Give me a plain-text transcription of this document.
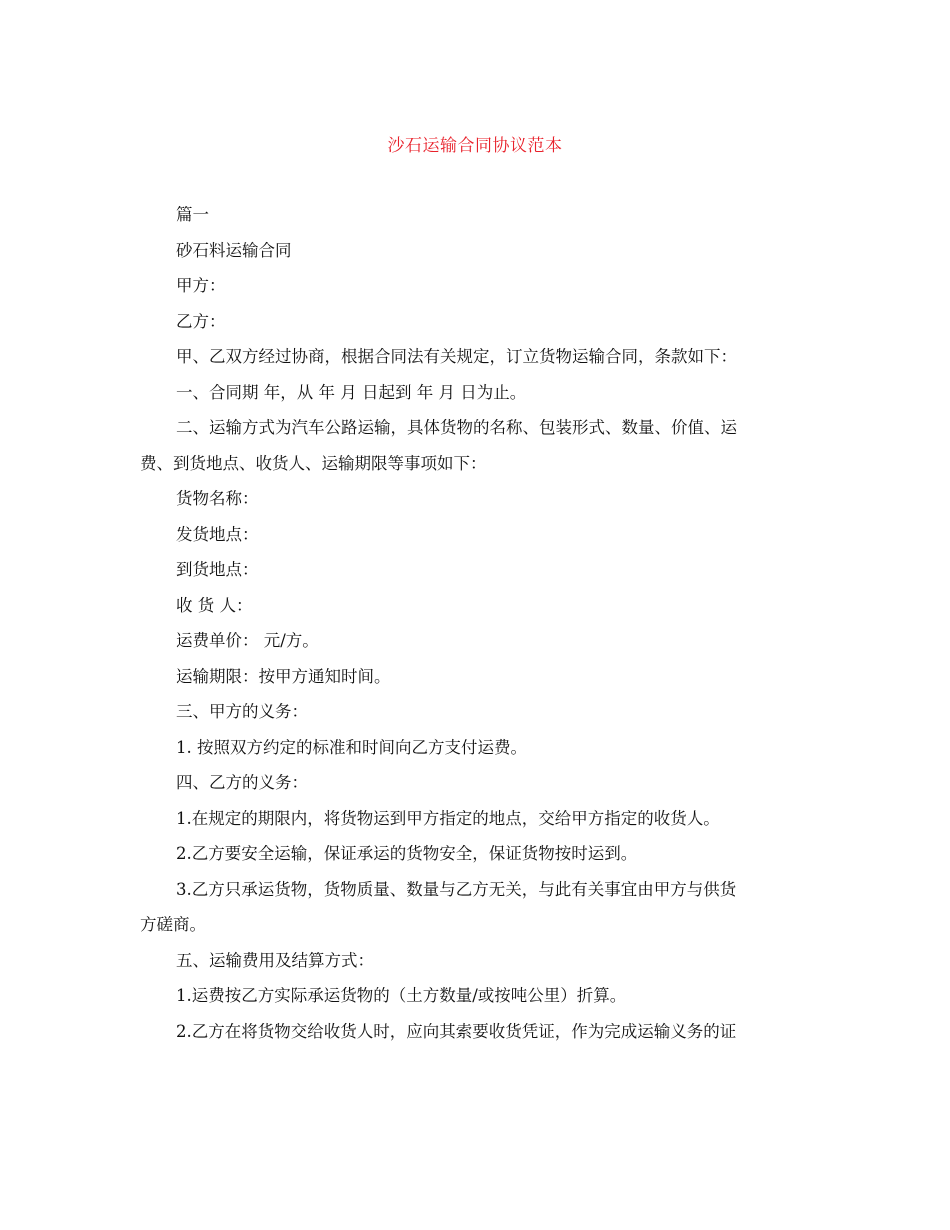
沙石运输合同协议范本
篇一
砂石料运输合同
甲方：
乙方：
甲、乙双方经过协商，根据合同法有关规定，订立货物运输合同，条款如下：
一、合同期 年，从 年 月 日起到 年 月 日为止。
二、运输方式为汽车公路运输，具体货物的名称、包装形式、数量、价值、运
费、到货地点、收货人、运输期限等事项如下：
货物名称：
发货地点：
到货地点：
收 货 人：
运费单价： 元/方。
运输期限：按甲方通知时间。
三、甲方的义务：
1. 按照双方约定的标准和时间向乙方支付运费。
四、乙方的义务：
1.在规定的期限内，将货物运到甲方指定的地点，交给甲方指定的收货人。
2.乙方要安全运输，保证承运的货物安全，保证货物按时运到。
3.乙方只承运货物，货物质量、数量与乙方无关，与此有关事宜由甲方与供货
方磋商。
五、运输费用及结算方式：
1.运费按乙方实际承运货物的（土方数量/或按吨公里）折算。
2.乙方在将货物交给收货人时，应向其索要收货凭证，作为完成运输义务的证
